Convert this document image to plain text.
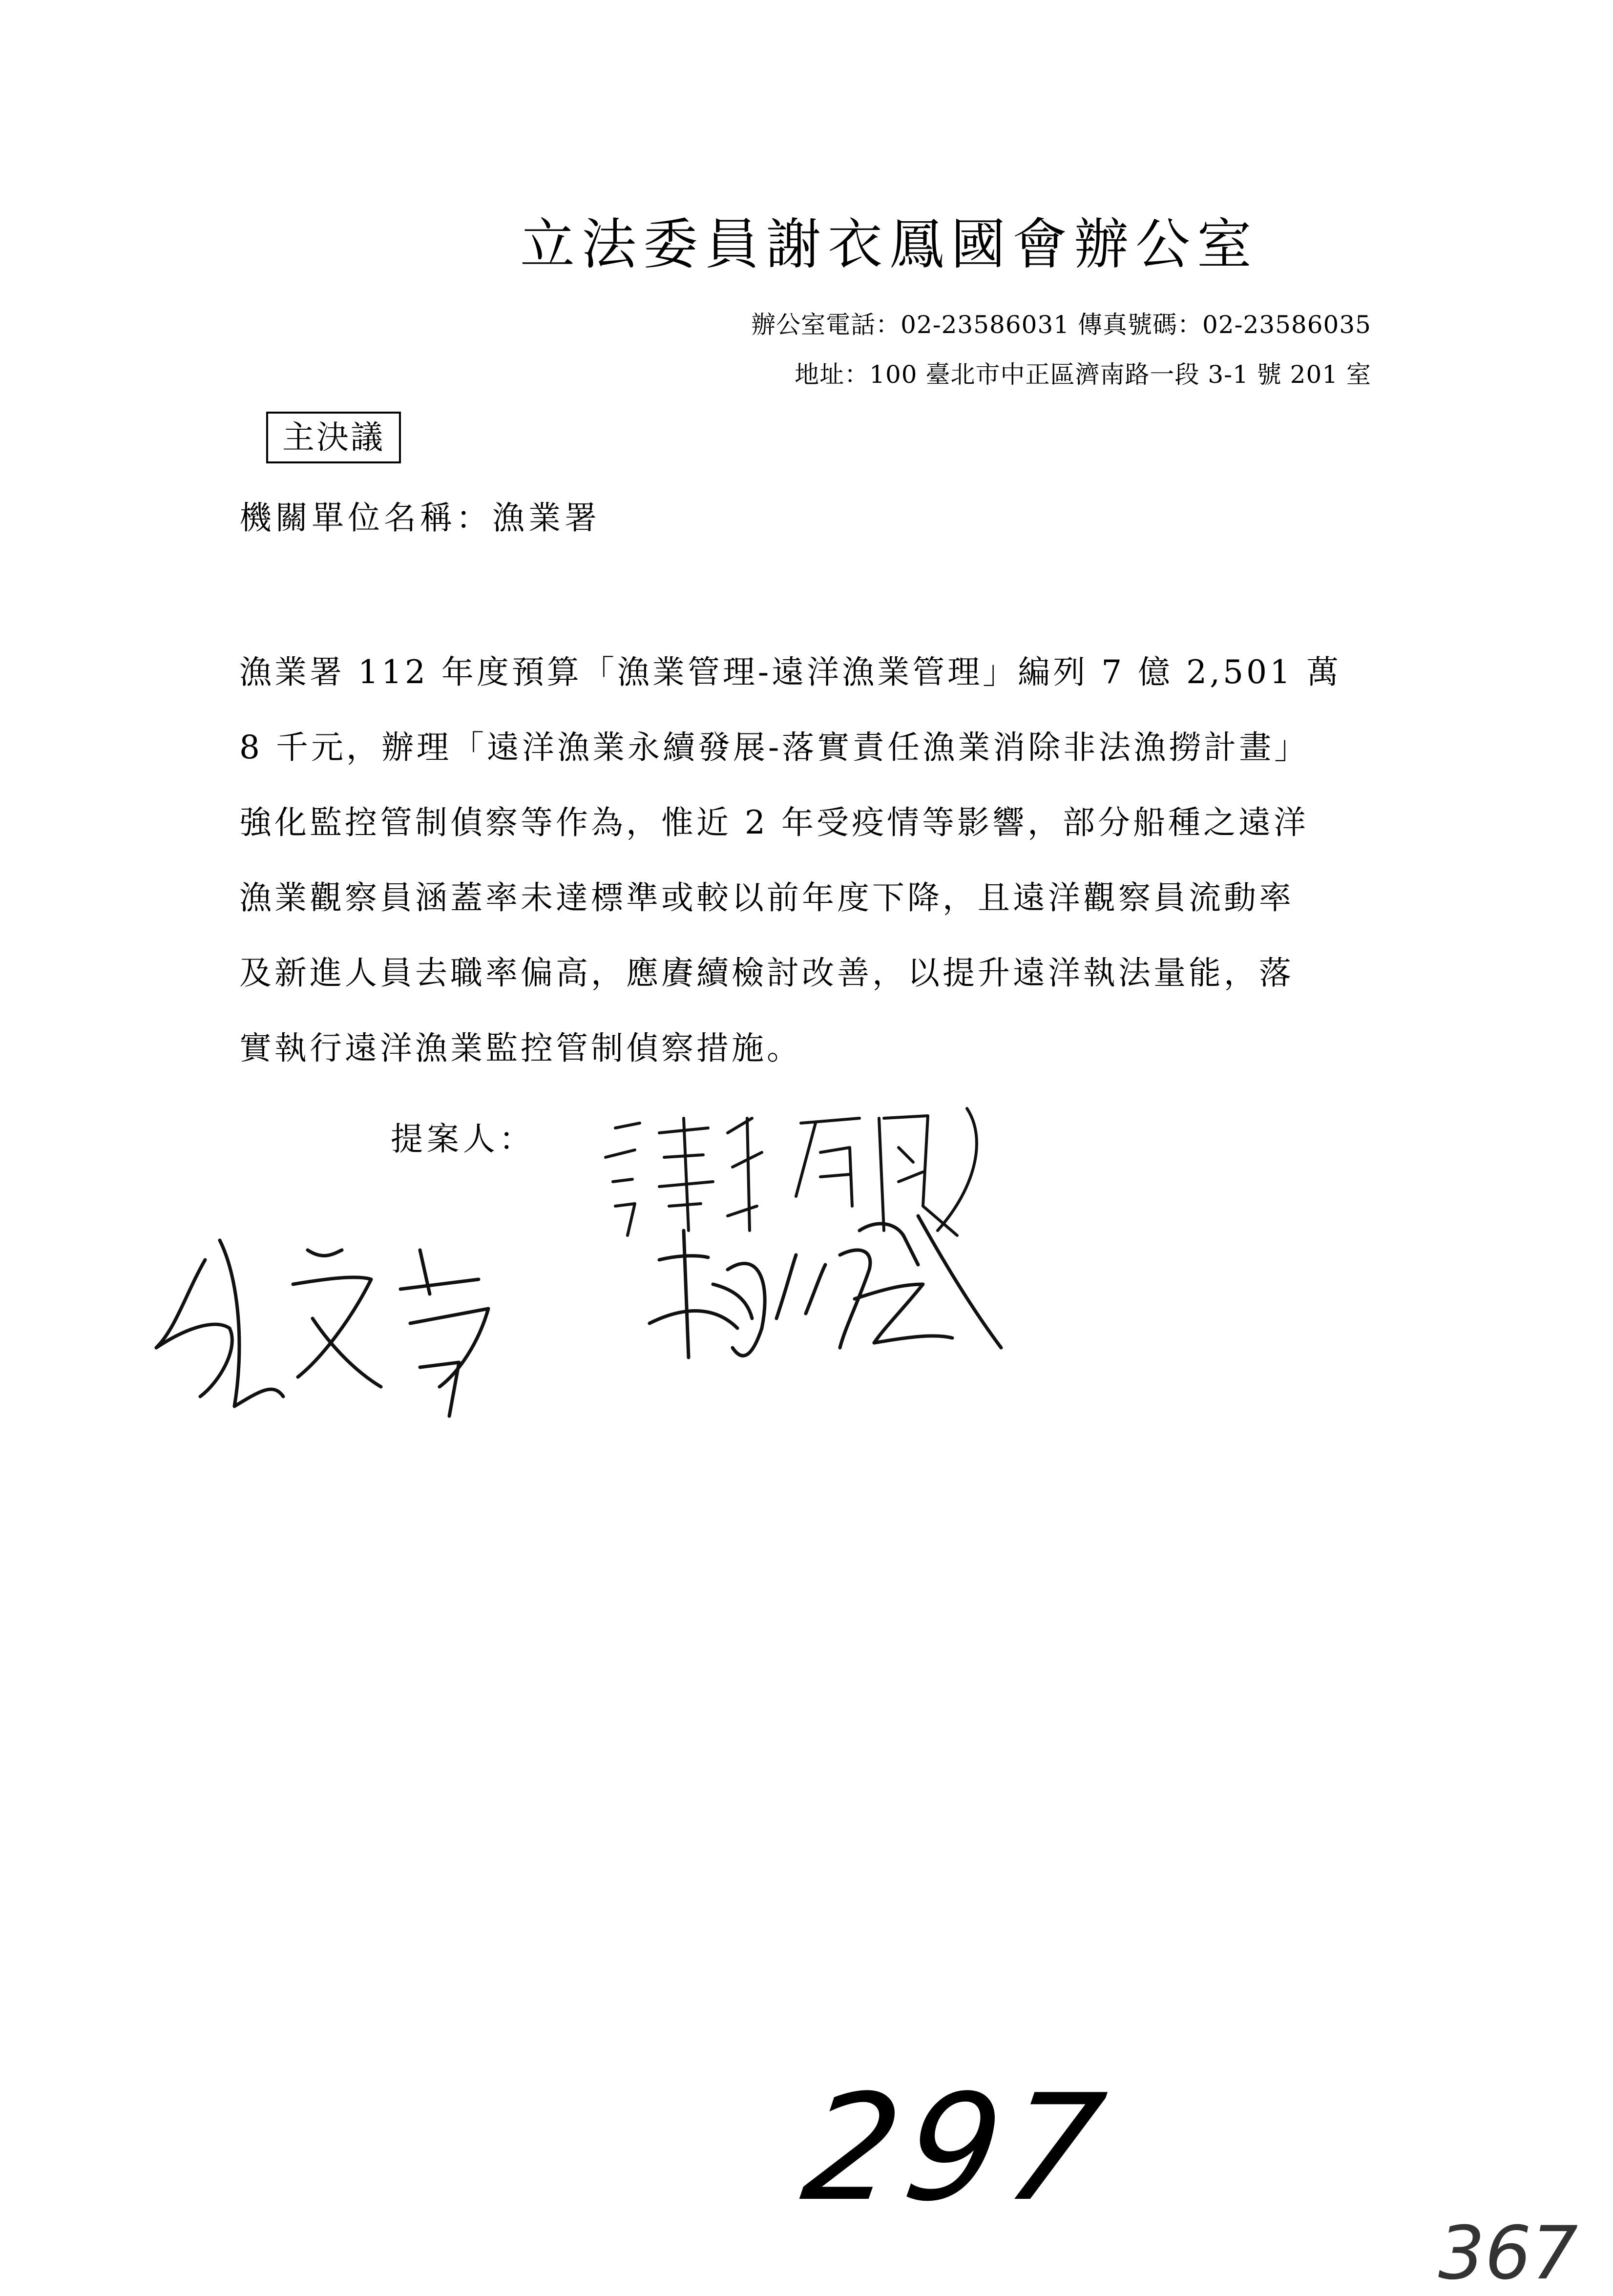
立法委員謝衣鳳國會辦公室
辦公室電話：02-23586031 傳真號碼：02-23586035
地址：100 臺北市中正區濟南路一段 3-1 號 201 室
主決議
機關單位名稱：漁業署
漁業署 112 年度預算「漁業管理-遠洋漁業管理」編列 7 億 2,501 萬
8 千元，辦理「遠洋漁業永續發展-落實責任漁業消除非法漁撈計畫」
強化監控管制偵察等作為，惟近 2 年受疫情等影響，部分船種之遠洋
漁業觀察員涵蓋率未達標準或較以前年度下降，且遠洋觀察員流動率
及新進人員去職率偏高，應賡續檢討改善，以提升遠洋執法量能，落
實執行遠洋漁業監控管制偵察措施。
提案人：
297
367
